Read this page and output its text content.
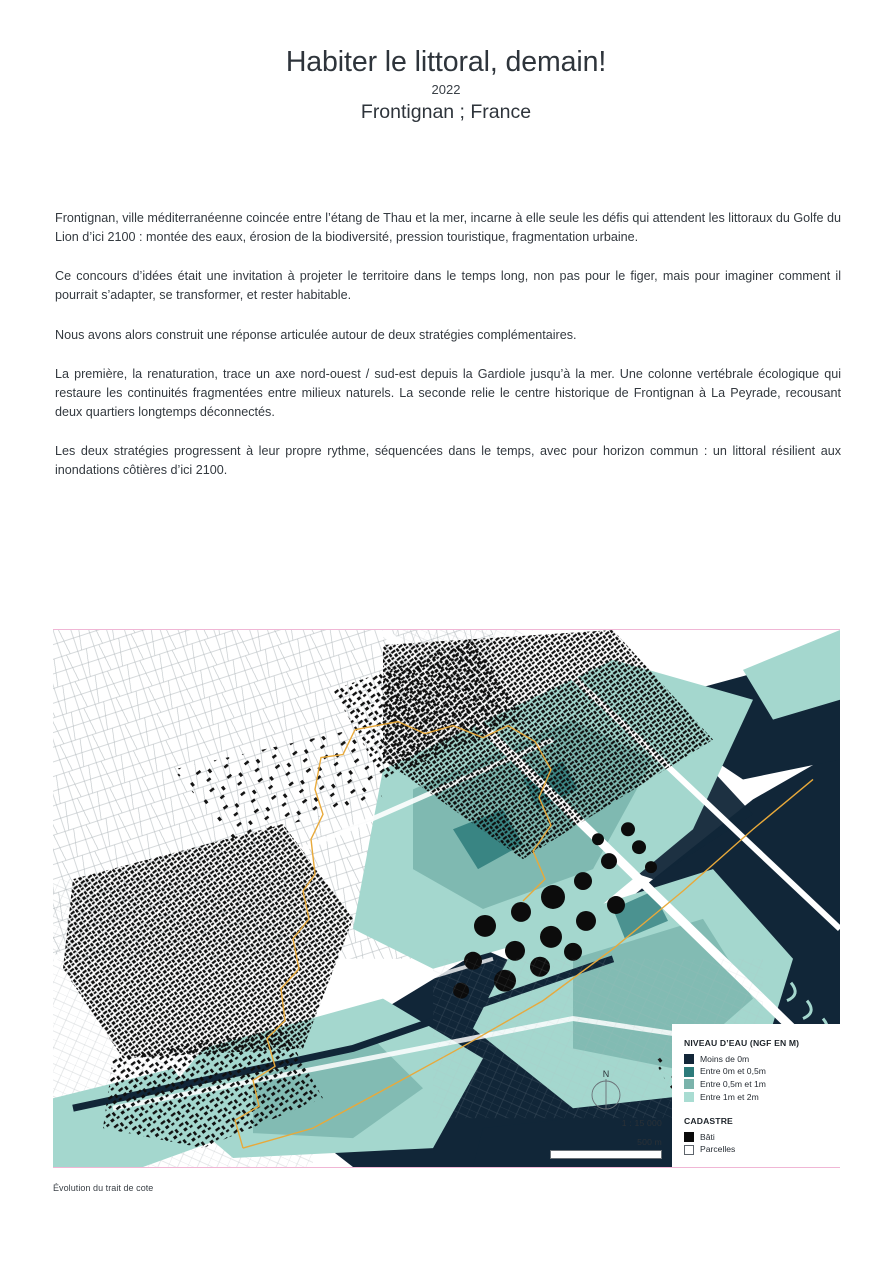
Habiter le littoral, demain!
2022
Frontignan ; France

Frontignan, ville méditerranéenne coincée entre l’étang de Thau et la mer, incarne à elle seule les défis qui attendent les littoraux du Golfe du Lion d’ici 2100 : montée des eaux, érosion de la biodiversité, pression touristique, fragmentation urbaine.

Ce concours d’idées était une invitation à projeter le territoire dans le temps long, non pas pour le figer, mais pour imaginer comment il pourrait s’adapter, se transformer, et rester habitable.

Nous avons alors construit une réponse articulée autour de deux stratégies complémentaires.

La première, la renaturation, trace un axe nord-ouest / sud-est depuis la Gardiole jusqu’à la mer. Une colonne vertébrale écologique qui restaure les continuités fragmentées entre milieux naturels. La seconde relie le centre historique de Frontignan à La Peyrade, recousant deux quartiers longtemps déconnectés.

Les deux stratégies progressent à leur propre rythme, séquencées dans le temps, avec pour horizon commun : un littoral résilient aux inondations côtières d’ici 2100.

N
1 : 15 000
500 m
NIVEAU D’EAU (NGF EN M)
Moins de 0m
Entre 0m et 0,5m
Entre 0,5m et 1m
Entre 1m et 2m
CADASTRE
Bâti
Parcelles
Évolution du trait de cote
